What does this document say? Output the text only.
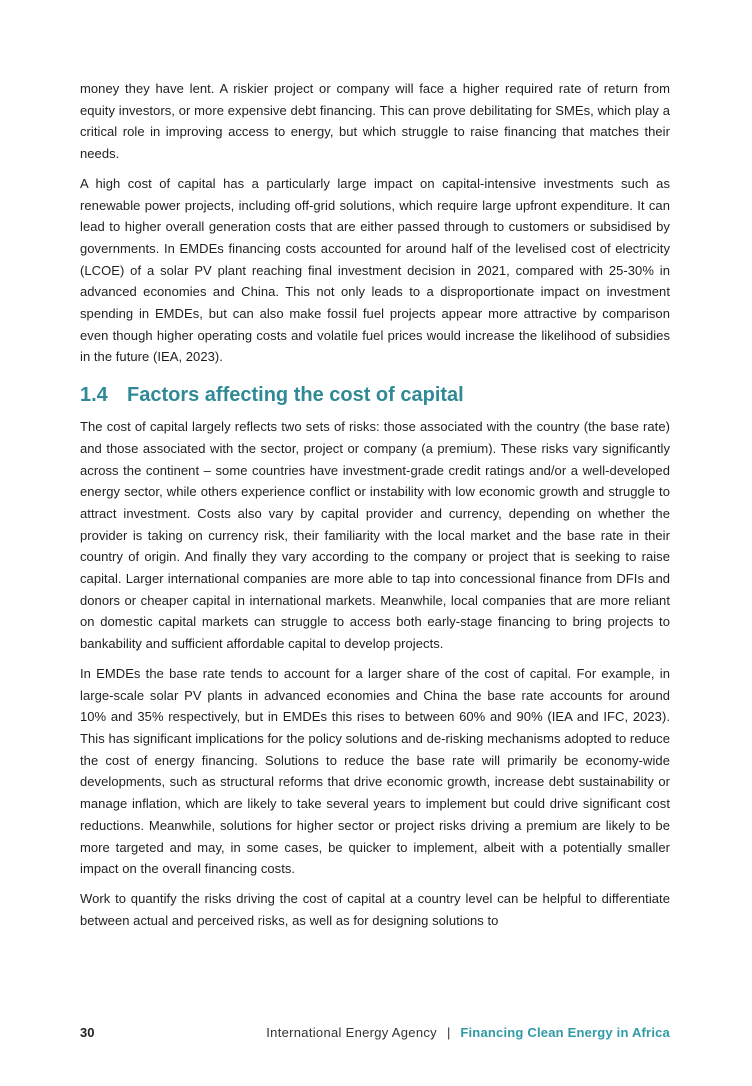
money they have lent. A riskier project or company will face a higher required rate of return from equity investors, or more expensive debt financing. This can prove debilitating for SMEs, which play a critical role in improving access to energy, but which struggle to raise financing that matches their needs.

A high cost of capital has a particularly large impact on capital-intensive investments such as renewable power projects, including off-grid solutions, which require large upfront expenditure. It can lead to higher overall generation costs that are either passed through to customers or subsidised by governments. In EMDEs financing costs accounted for around half of the levelised cost of electricity (LCOE) of a solar PV plant reaching final investment decision in 2021, compared with 25-30% in advanced economies and China. This not only leads to a disproportionate impact on investment spending in EMDEs, but can also make fossil fuel projects appear more attractive by comparison even though higher operating costs and volatile fuel prices would increase the likelihood of subsidies in the future (IEA, 2023).

1.4 Factors affecting the cost of capital

The cost of capital largely reflects two sets of risks: those associated with the country (the base rate) and those associated with the sector, project or company (a premium). These risks vary significantly across the continent – some countries have investment-grade credit ratings and/or a well-developed energy sector, while others experience conflict or instability with low economic growth and struggle to attract investment. Costs also vary by capital provider and currency, depending on whether the provider is taking on currency risk, their familiarity with the local market and the base rate in their country of origin. And finally they vary according to the company or project that is seeking to raise capital. Larger international companies are more able to tap into concessional finance from DFIs and donors or cheaper capital in international markets. Meanwhile, local companies that are more reliant on domestic capital markets can struggle to access both early-stage financing to bring projects to bankability and sufficient affordable capital to develop projects.

In EMDEs the base rate tends to account for a larger share of the cost of capital. For example, in large-scale solar PV plants in advanced economies and China the base rate accounts for around 10% and 35% respectively, but in EMDEs this rises to between 60% and 90% (IEA and IFC, 2023). This has significant implications for the policy solutions and de-risking mechanisms adopted to reduce the cost of energy financing. Solutions to reduce the base rate will primarily be economy-wide developments, such as structural reforms that drive economic growth, increase debt sustainability or manage inflation, which are likely to take several years to implement but could drive significant cost reductions. Meanwhile, solutions for higher sector or project risks driving a premium are likely to be more targeted and may, in some cases, be quicker to implement, albeit with a potentially smaller impact on the overall financing costs.

Work to quantify the risks driving the cost of capital at a country level can be helpful to differentiate between actual and perceived risks, as well as for designing solutions to

30	International Energy Agency | Financing Clean Energy in Africa
